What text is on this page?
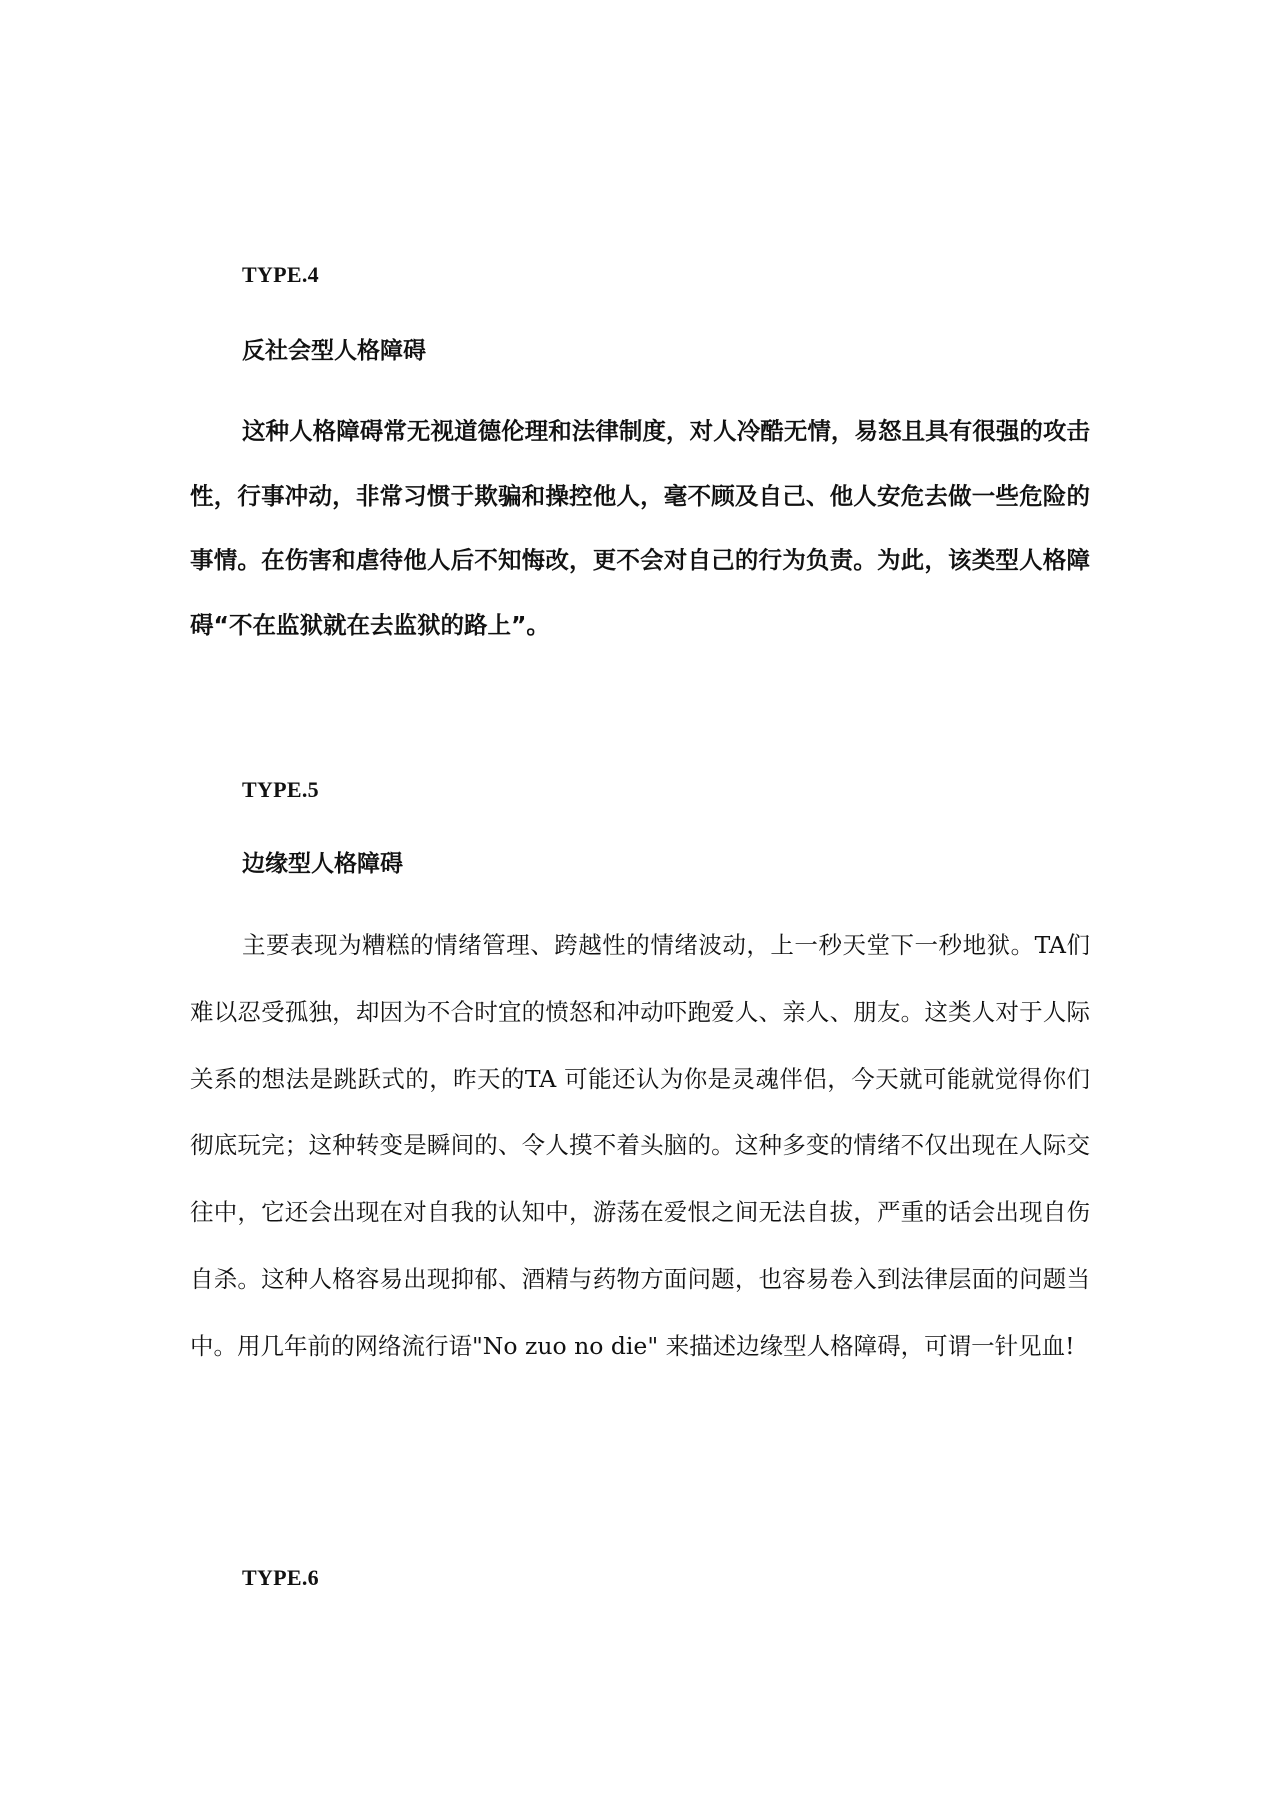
TYPE.4

反社会型人格障碍

这种人格障碍常无视道德伦理和法律制度，对人冷酷无情，易怒且具有很强的攻击性，行事冲动，非常习惯于欺骗和操控他人，毫不顾及自己、他人安危去做一些危险的事情。在伤害和虐待他人后不知悔改，更不会对自己的行为负责。为此，该类型人格障碍“不在监狱就在去监狱的路上”。

TYPE.5

边缘型人格障碍

主要表现为糟糕的情绪管理、跨越性的情绪波动，上一秒天堂下一秒地狱。TA们难以忍受孤独，却因为不合时宜的愤怒和冲动吓跑爱人、亲人、朋友。这类人对于人际关系的想法是跳跃式的，昨天的TA 可能还认为你是灵魂伴侣，今天就可能就觉得你们彻底玩完；这种转变是瞬间的、令人摸不着头脑的。这种多变的情绪不仅出现在人际交往中，它还会出现在对自我的认知中，游荡在爱恨之间无法自拔，严重的话会出现自伤自杀。这种人格容易出现抑郁、酒精与药物方面问题，也容易卷入到法律层面的问题当中。用几年前的网络流行语"No zuo no die" 来描述边缘型人格障碍，可谓一针见血!

TYPE.6
